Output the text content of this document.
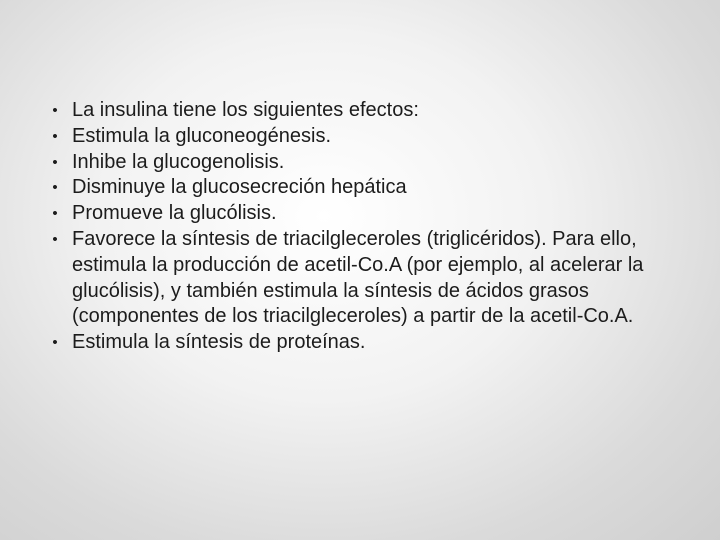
• La insulina tiene los siguientes efectos:
• Estimula la gluconeogénesis.
• Inhibe la glucogenolisis.
• Disminuye la glucosecreción hepática
• Promueve la glucólisis.
• Favorece la síntesis de triacilgleceroles (triglicéridos). Para ello, estimula la producción de acetil-Co.A (por ejemplo, al acelerar la glucólisis), y también estimula la síntesis de ácidos grasos (componentes de los triacilgleceroles) a partir de la acetil-Co.A.
• Estimula la síntesis de proteínas.
